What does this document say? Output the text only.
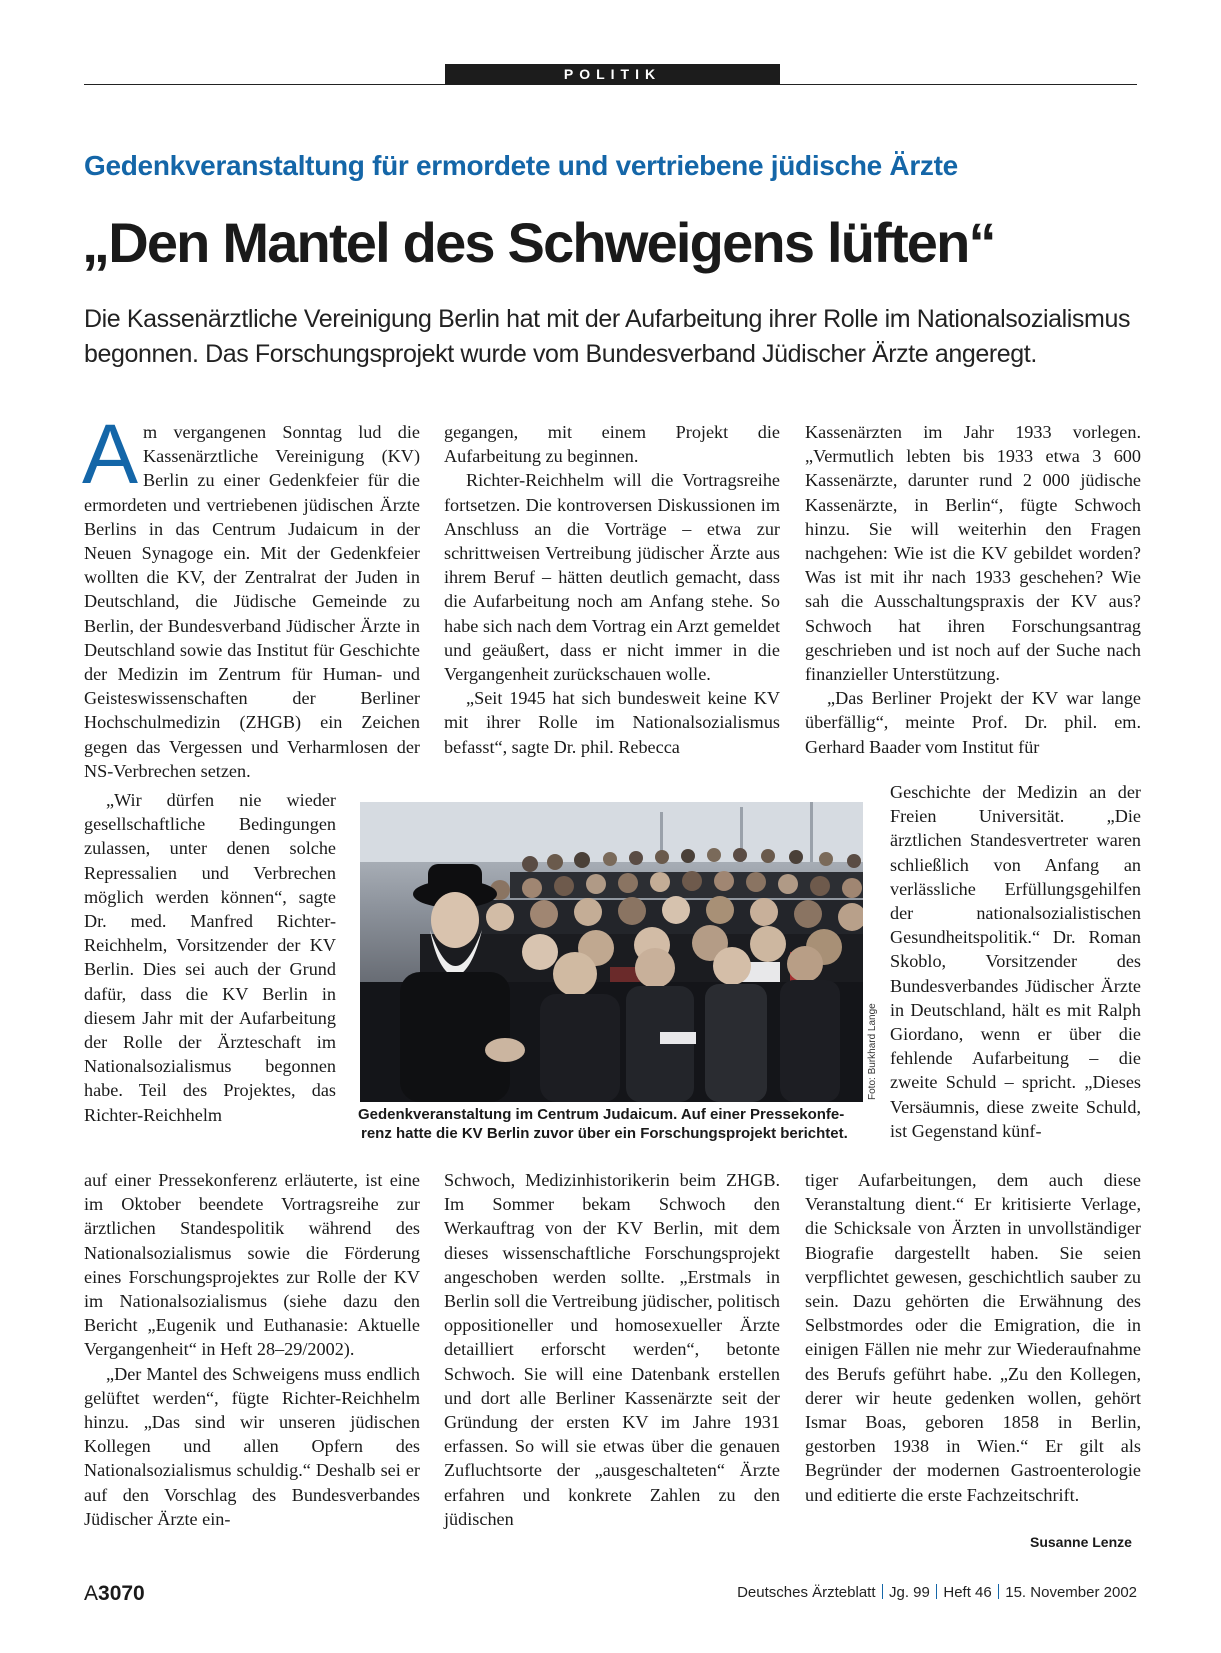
POLITIK
Gedenkveranstaltung für ermordete und vertriebene jüdische Ärzte
„Den Mantel des Schweigens lüften“
Die Kassenärztliche Vereinigung Berlin hat mit der Aufarbeitung ihrer Rolle im Nationalsozialismus begonnen. Das Forschungsprojekt wurde vom Bundesverband Jüdischer Ärzte angeregt.

Am vergangenen Sonntag lud die Kassenärztliche Vereinigung (KV) Berlin zu einer Gedenkfeier für die ermordeten und vertriebenen jüdischen Ärzte Berlins in das Centrum Judaicum in der Neuen Synagoge ein. Mit der Gedenkfeier wollten die KV, der Zentralrat der Juden in Deutschland, die Jüdische Gemeinde zu Berlin, der Bundesverband Jüdischer Ärzte in Deutschland sowie das Institut für Geschichte der Medizin im Zentrum für Human- und Geisteswissenschaften der Berliner Hochschulmedizin (ZHGB) ein Zeichen gegen das Vergessen und Verharmlosen der NS-Verbrechen setzen.

„Wir dürfen nie wieder gesellschaftliche Bedingungen zulassen, unter denen solche Repressalien und Verbrechen möglich werden können“, sagte Dr. med. Manfred Richter-Reichhelm, Vorsitzender der KV Berlin. Dies sei auch der Grund dafür, dass die KV Berlin in diesem Jahr mit der Aufarbeitung der Rolle der Ärzteschaft im Nationalsozialismus begonnen habe. Teil des Projektes, das Richter-Reichhelm

auf einer Pressekonferenz erläuterte, ist eine im Oktober beendete Vortragsreihe zur ärztlichen Standespolitik während des Nationalsozialismus sowie die Förderung eines Forschungsprojektes zur Rolle der KV im Nationalsozialismus (siehe dazu den Bericht „Eugenik und Euthanasie: Aktuelle Vergangenheit“ in Heft 28–29/2002).

„Der Mantel des Schweigens muss endlich gelüftet werden“, fügte Richter-Reichhelm hinzu. „Das sind wir unseren jüdischen Kollegen und allen Opfern des Nationalsozialismus schuldig.“ Deshalb sei er auf den Vorschlag des Bundesverbandes Jüdischer Ärzte ein-

gegangen, mit einem Projekt die Aufarbeitung zu beginnen.

Richter-Reichhelm will die Vortragsreihe fortsetzen. Die kontroversen Diskussionen im Anschluss an die Vorträge – etwa zur schrittweisen Vertreibung jüdischer Ärzte aus ihrem Beruf – hätten deutlich gemacht, dass die Aufarbeitung noch am Anfang stehe. So habe sich nach dem Vortrag ein Arzt gemeldet und geäußert, dass er nicht immer in die Vergangenheit zurückschauen wolle.

„Seit 1945 hat sich bundesweit keine KV mit ihrer Rolle im Nationalsozialismus befasst“, sagte Dr. phil. Rebecca

Schwoch, Medizinhistorikerin beim ZHGB. Im Sommer bekam Schwoch den Werkauftrag von der KV Berlin, mit dem dieses wissenschaftliche Forschungsprojekt angeschoben werden sollte. „Erstmals in Berlin soll die Vertreibung jüdischer, politisch oppositioneller und homosexueller Ärzte detailliert erforscht werden“, betonte Schwoch. Sie will eine Datenbank erstellen und dort alle Berliner Kassenärzte seit der Gründung der ersten KV im Jahre 1931 erfassen. So will sie etwas über die genauen Zufluchtsorte der „ausgeschalteten“ Ärzte erfahren und konkrete Zahlen zu den jüdischen

Kassenärzten im Jahr 1933 vorlegen. „Vermutlich lebten bis 1933 etwa 3 600 Kassenärzte, darunter rund 2 000 jüdische Kassenärzte, in Berlin“, fügte Schwoch hinzu. Sie will weiterhin den Fragen nachgehen: Wie ist die KV gebildet worden? Was ist mit ihr nach 1933 geschehen? Wie sah die Ausschaltungspraxis der KV aus? Schwoch hat ihren Forschungsantrag geschrieben und ist noch auf der Suche nach finanzieller Unterstützung.

„Das Berliner Projekt der KV war lange überfällig“, meinte Prof. Dr. phil. em. Gerhard Baader vom Institut für

Geschichte der Medizin an der Freien Universität. „Die ärztlichen Standesvertreter waren schließlich von Anfang an verlässliche Erfüllungsgehilfen der nationalsozialistischen Gesundheitspolitik.“ Dr. Roman Skoblo, Vorsitzender des Bundesverbandes Jüdischer Ärzte in Deutschland, hält es mit Ralph Giordano, wenn er über die fehlende Aufarbeitung – die zweite Schuld – spricht. „Dieses Versäumnis, diese zweite Schuld, ist Gegenstand künf-

tiger Aufarbeitungen, dem auch diese Veranstaltung dient.“ Er kritisierte Verlage, die Schicksale von Ärzten in unvollständiger Biografie dargestellt haben. Sie seien verpflichtet gewesen, geschichtlich sauber zu sein. Dazu gehörten die Erwähnung des Selbstmordes oder die Emigration, die in einigen Fällen nie mehr zur Wiederaufnahme des Berufs geführt habe. „Zu den Kollegen, derer wir heute gedenken wollen, gehört Ismar Boas, geboren 1858 in Berlin, gestorben 1938 in Wien.“ Er gilt als Begründer der modernen Gastroenterologie und editierte die erste Fachzeitschrift.

Foto: Burkhard Lange
Gedenkveranstaltung im Centrum Judaicum. Auf einer Pressekonfe-
renz hatte die KV Berlin zuvor über ein Forschungsprojekt berichtet.
Susanne Lenze
A3070	Deutsches Ärzteblatt Jg. 99 Heft 46 15. November 2002
